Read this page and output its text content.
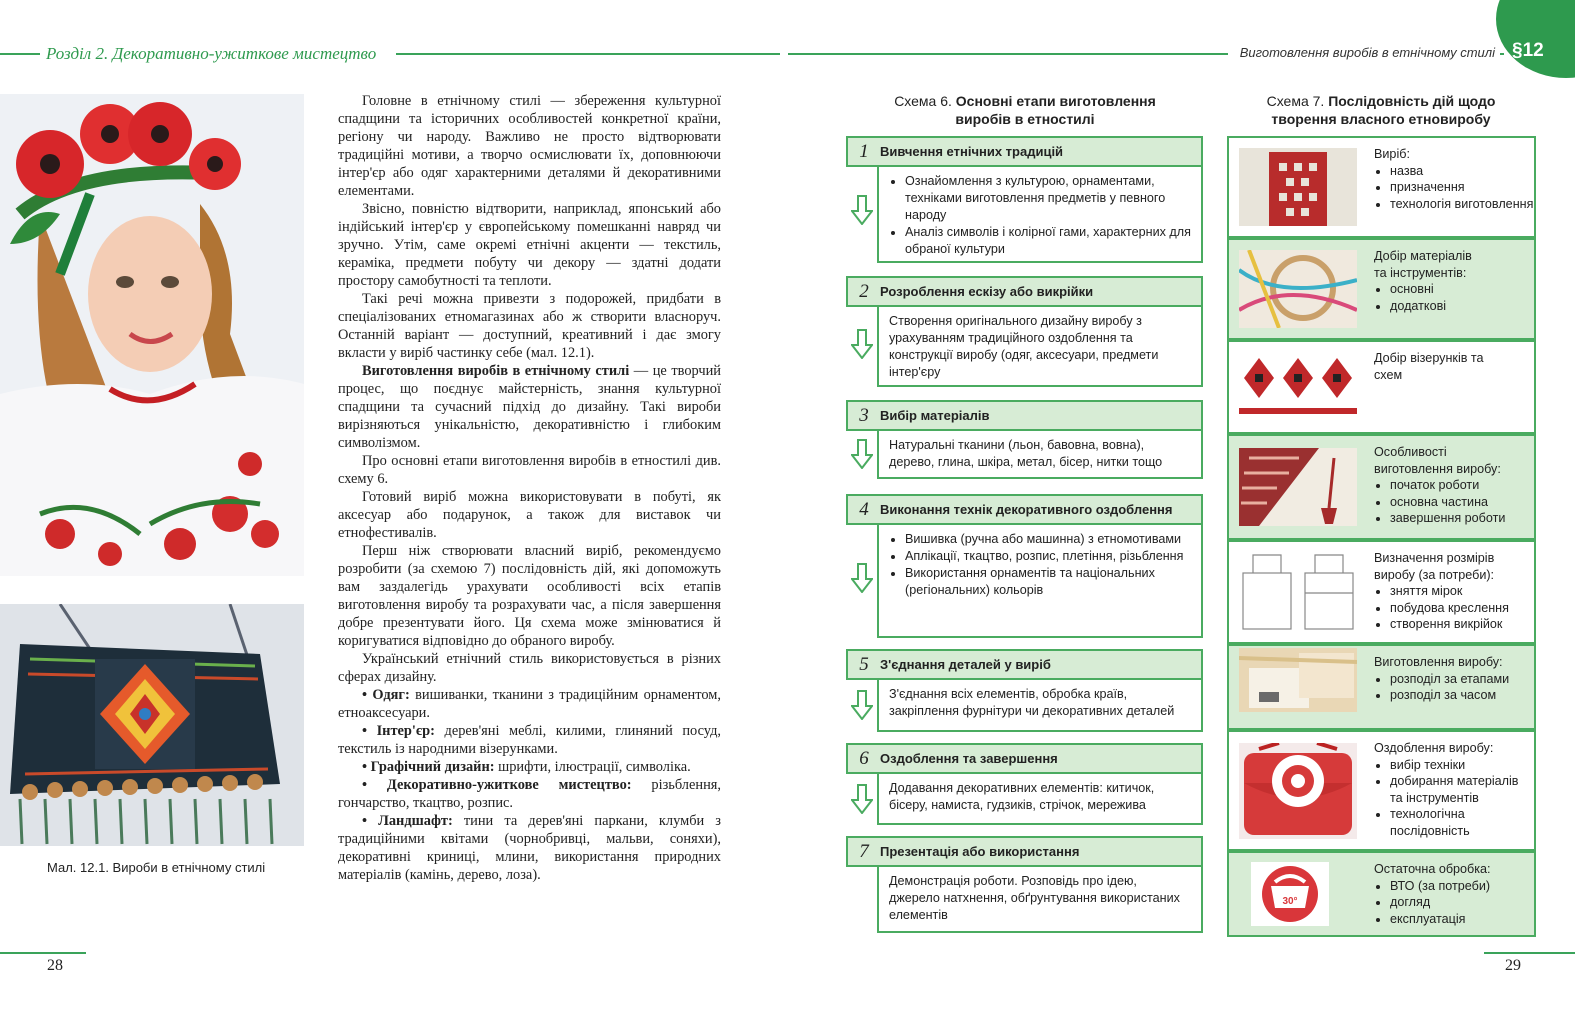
Розділ 2. Декоративно-ужиткове мистецтво	Виготовлення виробів в етнічному стилі §12
Мал. 12.1. Вироби в етнічному стилі

Головне в етнічному стилі — збереження культурної спадщини та історичних особливостей конкретної країни, регіону чи народу. Важливо не просто відтворювати традиційні мотиви, а творчо осмислювати їх, доповнюючи інтер'єр або одяг характерними деталями й декоративними елементами.

Звісно, повністю відтворити, наприклад, японський або індійський інтер'єр у європейському помешканні навряд чи зручно. Утім, саме окремі етнічні акценти — текстиль, кераміка, предмети побуту чи декору — здатні додати простору самобутності та теплоти.

Такі речі можна привезти з подорожей, придбати в спеціалізованих етномагазинах або ж створити власноруч. Останній варіант — доступний, креативний і дає змогу вкласти у виріб частинку себе (мал. 12.1).

Виготовлення виробів в етнічному стилі — це творчий процес, що поєднує майстерність, знання культурної спадщини та сучасний підхід до дизайну. Такі вироби вирізняються унікальністю, декоративністю і глибоким символізмом.

Про основні етапи виготовлення виробів в етностилі див. схему 6.

Готовий виріб можна використовувати в побуті, як аксесуар або подарунок, а також для виставок чи етнофестивалів.

Перш ніж створювати власний виріб, рекомендуємо розробити (за схемою 7) послідовність дій, які допоможуть вам заздалегідь урахувати особливості всіх етапів виготовлення виробу та розрахувати час, а після завершення добре презентувати його. Ця схема може змінюватися й коригуватися відповідно до обраного виробу.

Український етнічний стиль використовується в різних сферах дизайну.

• Одяг: вишиванки, тканини з традиційним орнаментом, етноаксесуари.

• Інтер'єр: дерев'яні меблі, килими, глиняний посуд, текстиль із народними візерунками.

• Графічний дизайн: шрифти, ілюстрації, символіка.

• Декоративно-ужиткове мистецтво: різьблення, гончарство, ткацтво, розпис.

• Ландшафт: тини та дерев'яні паркани, клумби з традиційними квітами (чорнобривці, мальви, соняхи), декоративні криниці, млини, використання природних матеріалів (камінь, дерево, лоза).

28	29
Схема 6. Основні етапи виготовлення виробів в етностилі
1 Вивчення етнічних традицій
• Ознайомлення з культурою, орнаментами, техніками виготовлення предметів у певного народу
• Аналіз символів і колірної гами, характерних для обраної культури
2 Розроблення ескізу або викрійки
Створення оригінального дизайну виробу з урахуванням традиційного оздоблення та конструкції виробу (одяг, аксесуари, предмети інтер'єру
3 Вибір матеріалів
Натуральні тканини (льон, бавовна, вовна), дерево, глина, шкіра, метал, бісер, нитки тощо
4 Виконання технік декоративного оздоблення
• Вишивка (ручна або машинна) з етномотивами
• Аплікації, ткацтво, розпис, плетіння, різьблення
• Використання орнаментів та національних (регіональних) кольорів
5 З'єднання деталей у виріб
З'єднання всіх елементів, обробка країв, закріплення фурнітури чи декоративних деталей
6 Оздоблення та завершення
Додавання декоративних елементів: китичок, бісеру, намиста, гудзиків, стрічок, мережива
7 Презентація або використання
Демонстрація роботи. Розповідь про ідею, джерело натхнення, обґрунтування використаних елементів
Схема 7. Послідовність дій щодо творення власного етновиробу
Виріб:
• назва
• призначення
• технологія виготовлення
Добір матеріалів та інструментів:
• основні
• додаткові
Добір візерунків та схем
Особливості виготовлення виробу:
• початок роботи
• основна частина
• завершення роботи
Визначення розмірів виробу (за потреби):
• зняття мірок
• побудова креслення
• створення викрійок
Виготовлення виробу:
• розподіл за етапами
• розподіл за часом
Оздоблення виробу:
• вибір техніки
• добирання матеріалів та інструментів
• технологічна послідовність
30°
Остаточна обробка:
• ВТО (за потреби)
• догляд
• експлуатація
